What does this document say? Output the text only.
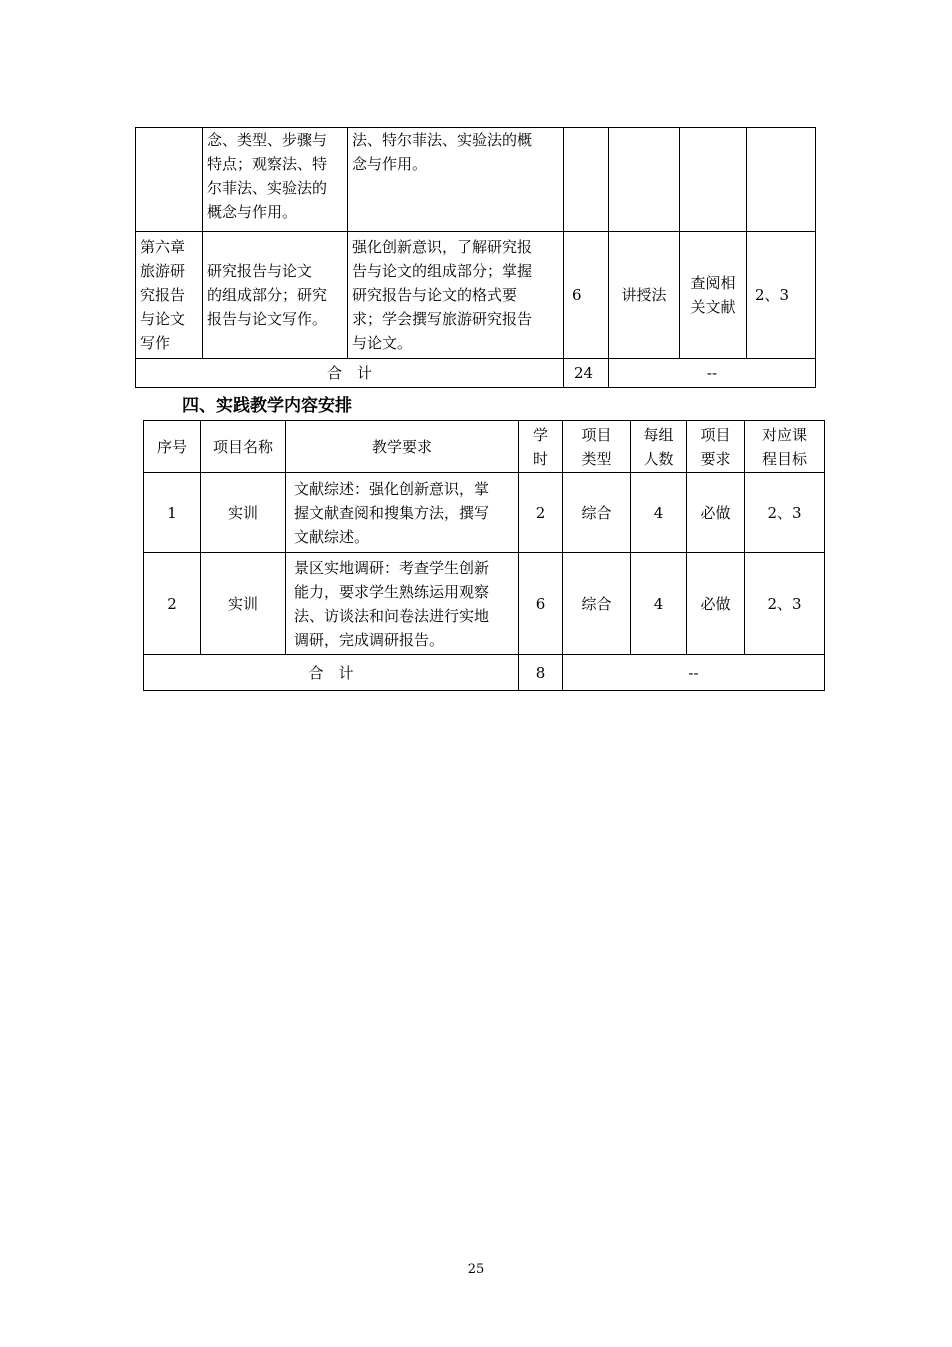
	念、类型、步骤与
特点；观察法、特
尔菲法、实验法的
概念与作用。	法、特尔菲法、实验法的概
念与作用。				

第六章
旅游研
究报告
与论文
写作	研究报告与论文
的组成部分；研究
报告与论文写作。	强化创新意识，了解研究报
告与论文的组成部分；掌握
研究报告与论文的格式要
求；学会撰写旅游研究报告
与论文。	6	讲授法	查阅相
关文献	2、3
合　计			24	--		
四、实践教学内容安排
序号	项目名称	教学要求	学
时	项目
类型	每组
人数	项目
要求	对应课
程目标

1	实训	文献综述：强化创新意识，掌
握文献查阅和搜集方法，撰写
文献综述。	2	综合	4	必做	2、3
2	实训	景区实地调研：考查学生创新
能力，要求学生熟练运用观察
法、访谈法和问卷法进行实地
调研，完成调研报告。	6	综合	4	必做	2、3
合　计			8	--			
25
